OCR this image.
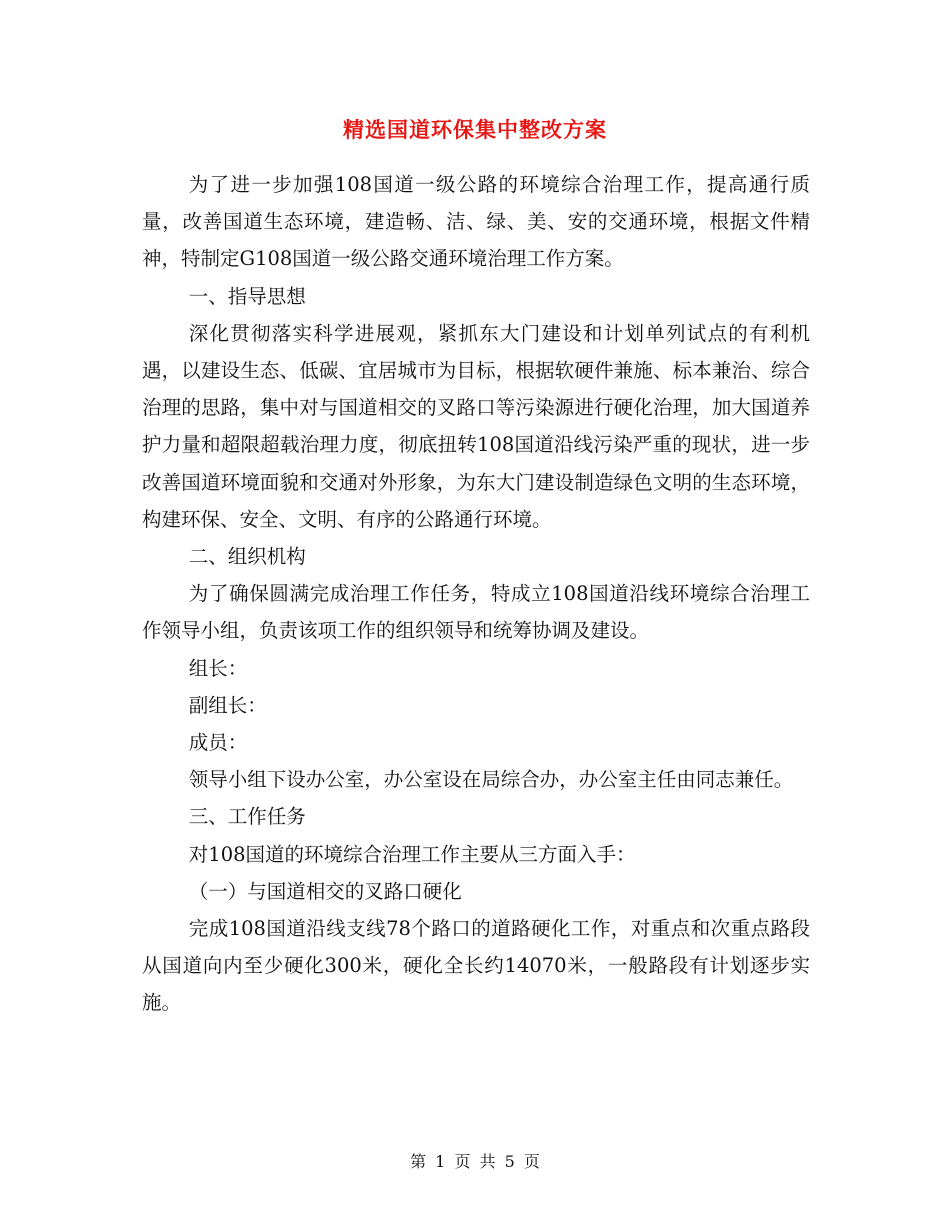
精选国道环保集中整改方案

为了进一步加强108国道一级公路的环境综合治理工作，提高通行质量，改善国道生态环境，建造畅、洁、绿、美、安的交通环境，根据文件精神，特制定G108国道一级公路交通环境治理工作方案。

一、指导思想

深化贯彻落实科学进展观，紧抓东大门建设和计划单列试点的有利机遇，以建设生态、低碳、宜居城市为目标，根据软硬件兼施、标本兼治、综合治理的思路，集中对与国道相交的叉路口等污染源进行硬化治理，加大国道养护力量和超限超载治理力度，彻底扭转108国道沿线污染严重的现状，进一步改善国道环境面貌和交通对外形象，为东大门建设制造绿色文明的生态环境，构建环保、安全、文明、有序的公路通行环境。

二、组织机构

为了确保圆满完成治理工作任务，特成立108国道沿线环境综合治理工作领导小组，负责该项工作的组织领导和统筹协调及建设。

组长：

副组长：

成员：

领导小组下设办公室，办公室设在局综合办，办公室主任由同志兼任。

三、工作任务

对108国道的环境综合治理工作主要从三方面入手：

（一）与国道相交的叉路口硬化

完成108国道沿线支线78个路口的道路硬化工作，对重点和次重点路段从国道向内至少硬化300米，硬化全长约14070米，一般路段有计划逐步实施。

第 1 页 共 5 页
